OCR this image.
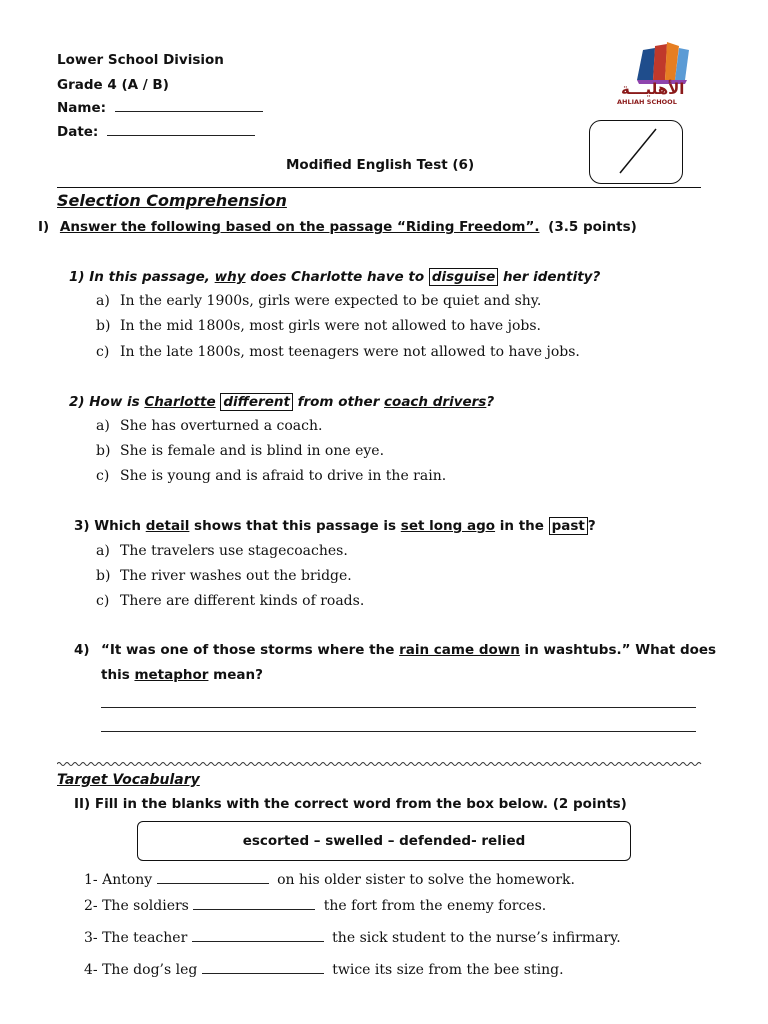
Lower School Division
Grade 4 (A / B)
Name:
Date:
Modified English Test (6)
الأهليـــة
AHLIAH SCHOOL
Selection Comprehension
I) Answer the following based on the passage “Riding Freedom”. (3.5 points)
1) In this passage, why does Charlotte have to disguise her identity?
a) In the early 1900s, girls were expected to be quiet and shy.
b) In the mid 1800s, most girls were not allowed to have jobs.
c) In the late 1800s, most teenagers were not allowed to have jobs.
2) How is Charlotte different from other coach drivers?
a) She has overturned a coach.
b) She is female and is blind in one eye.
c) She is young and is afraid to drive in the rain.
3) Which detail shows that this passage is set long ago in the past ?
a) The travelers use stagecoaches.
b) The river washes out the bridge.
c) There are different kinds of roads.
4) “It was one of those storms where the rain came down in washtubs.” What does
this metaphor mean?
Target Vocabulary
II) Fill in the blanks with the correct word from the box below. (2 points)
escorted – swelled – defended- relied
1- Antony	on his older sister to solve the homework.
2- The soldiers	the fort from the enemy forces.
3- The teacher	the sick student to the nurse’s infirmary.
4- The dog’s leg	twice its size from the bee sting.
